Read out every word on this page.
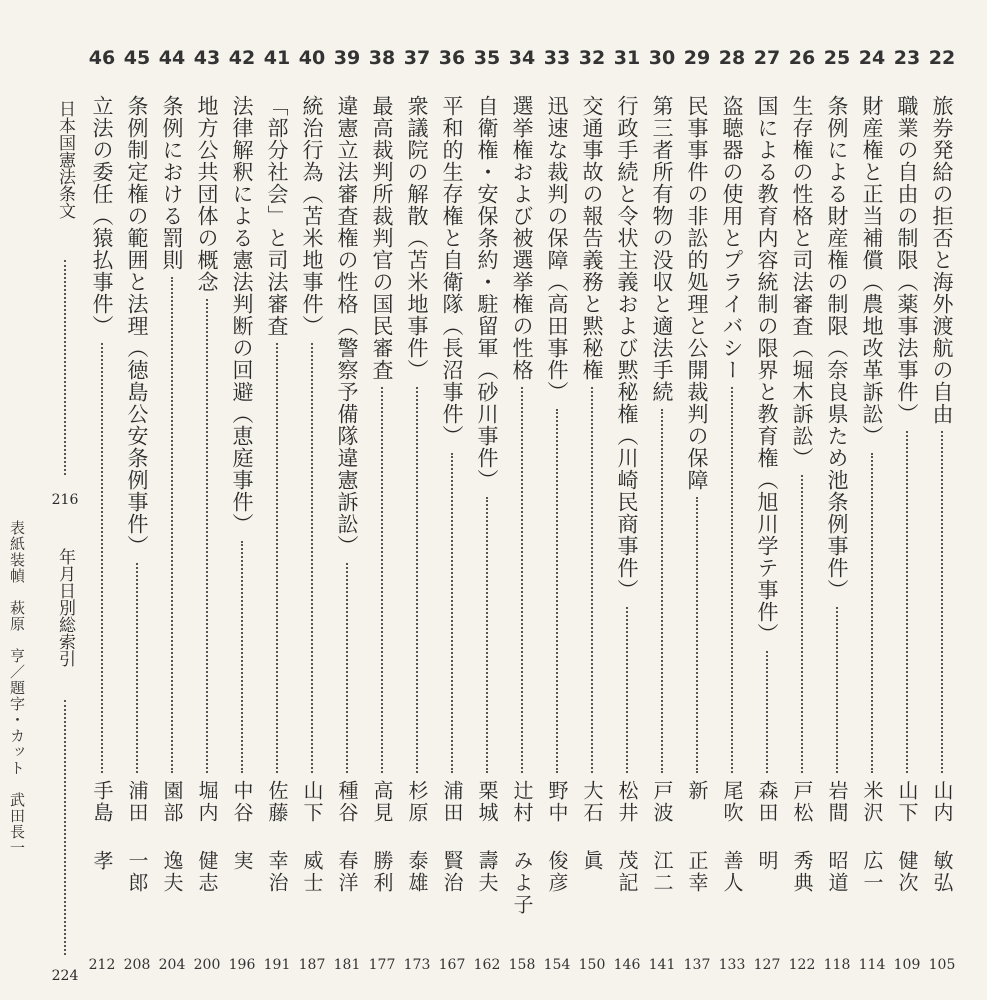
22
旅券発給の拒否と海外渡航の自由
山内
敏弘
105
23
職業の自由の制限（薬事法事件）
山下
健次
109
24
財産権と正当補償（農地改革訴訟）
米沢
広一
114
25
条例による財産権の制限（奈良県ため池条例事件）
岩間
昭道
118
26
生存権の性格と司法審査（堀木訴訟）
戸松
秀典
122
27
国による教育内容統制の限界と教育権（旭川学テ事件）
森田
明
127
28
盗聴器の使用とプライバシー
尾吹
善人
133
29
民事事件の非訟的処理と公開裁判の保障
新
正幸
137
30
第三者所有物の没収と適法手続
戸波
江二
141
31
行政手続と令状主義および黙秘権（川崎民商事件）
松井
茂記
146
32
交通事故の報告義務と黙秘権
大石
眞
150
33
迅速な裁判の保障（高田事件）
野中
俊彦
154
34
選挙権および被選挙権の性格
辻村
みよ子
158
35
自衛権・安保条約・駐留軍（砂川事件）
栗城
壽夫
162
36
平和的生存権と自衛隊（長沼事件）
浦田
賢治
167
37
衆議院の解散（苫米地事件）
杉原
泰雄
173
38
最高裁判所裁判官の国民審査
高見
勝利
177
39
違憲立法審査権の性格（警察予備隊違憲訴訟）
種谷
春洋
181
40
統治行為（苫米地事件）
山下
威士
187
41
「部分社会」と司法審査
佐藤
幸治
191
42
法律解釈による憲法判断の回避（恵庭事件）
中谷
実
196
43
地方公共団体の概念
堀内
健志
200
44
条例における罰則
園部
逸夫
204
45
条例制定権の範囲と法理（徳島公安条例事件）
浦田
一郎
208
46
立法の委任（猿払事件）
手島
孝
212
日本国憲法条文
216
年月日別総索引
224
表紙装幀　萩原　亨／題字・カット　武田長一
